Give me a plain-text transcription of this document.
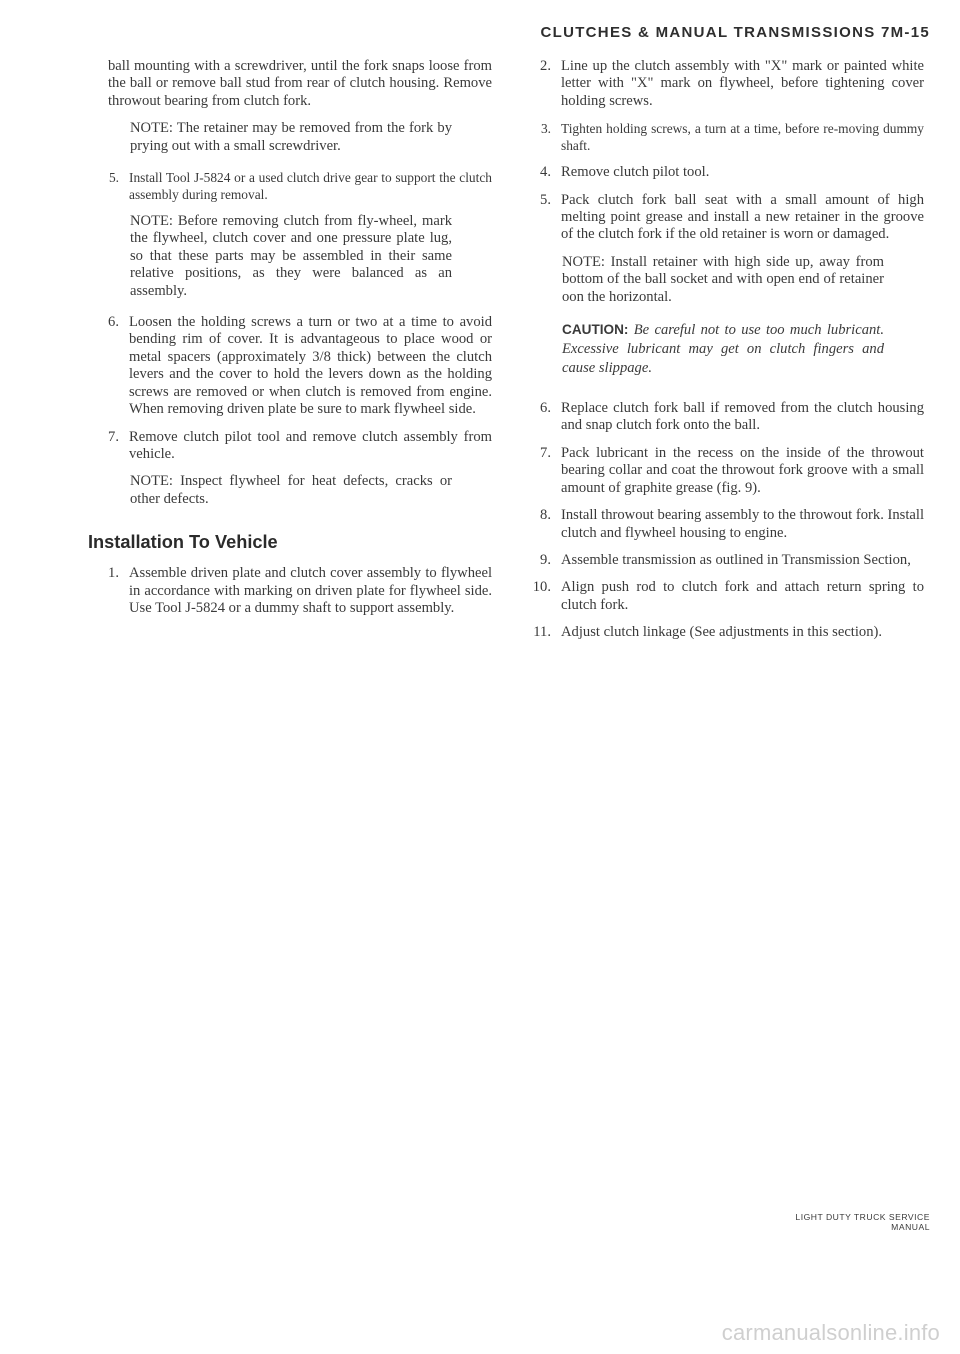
CLUTCHES & MANUAL TRANSMISSIONS 7M-15

ball mounting with a screwdriver, until the fork snaps loose from the ball or remove ball stud from rear of clutch housing. Remove throwout bearing from clutch fork.

NOTE: The retainer may be removed from the fork by prying out with a small screwdriver.
5. Install Tool J-5824 or a used clutch drive gear to support the clutch assembly during removal.
NOTE: Before removing clutch from fly-wheel, mark the flywheel, clutch cover and one pressure plate lug, so that these parts may be assembled in their same relative positions, as they were balanced as an assembly.
6. Loosen the holding screws a turn or two at a time to avoid bending rim of cover. It is advantageous to place wood or metal spacers (approximately 3/8 thick) between the clutch levers and the cover to hold the levers down as the holding screws are removed or when clutch is removed from engine. When removing driven plate be sure to mark flywheel side.
7. Remove clutch pilot tool and remove clutch assembly from vehicle.
NOTE: Inspect flywheel for heat defects, cracks or other defects.
Installation To Vehicle
1. Assemble driven plate and clutch cover assembly to flywheel in accordance with marking on driven plate for flywheel side. Use Tool J-5824 or a dummy shaft to support assembly.
2. Line up the clutch assembly with "X" mark or painted white letter with "X" mark on flywheel, before tightening cover holding screws.
3. Tighten holding screws, a turn at a time, before re-moving dummy shaft.
4. Remove clutch pilot tool.
5. Pack clutch fork ball seat with a small amount of high melting point grease and install a new retainer in the groove of the clutch fork if the old retainer is worn or damaged.
NOTE: Install retainer with high side up, away from bottom of the ball socket and with open end of retainer oon the horizontal.
CAUTION: Be careful not to use too much lubricant. Excessive lubricant may get on clutch fingers and cause slippage.
6. Replace clutch fork ball if removed from the clutch housing and snap clutch fork onto the ball.
7. Pack lubricant in the recess on the inside of the throwout bearing collar and coat the throwout fork groove with a small amount of graphite grease (fig. 9).
8. Install throwout bearing assembly to the throwout fork. Install clutch and flywheel housing to engine.
9. Assemble transmission as outlined in Transmission Section,
10. Align push rod to clutch fork and attach return spring to clutch fork.
11. Adjust clutch linkage (See adjustments in this section).
LIGHT DUTY TRUCK SERVICE MANUAL
carmanualsonline.info
